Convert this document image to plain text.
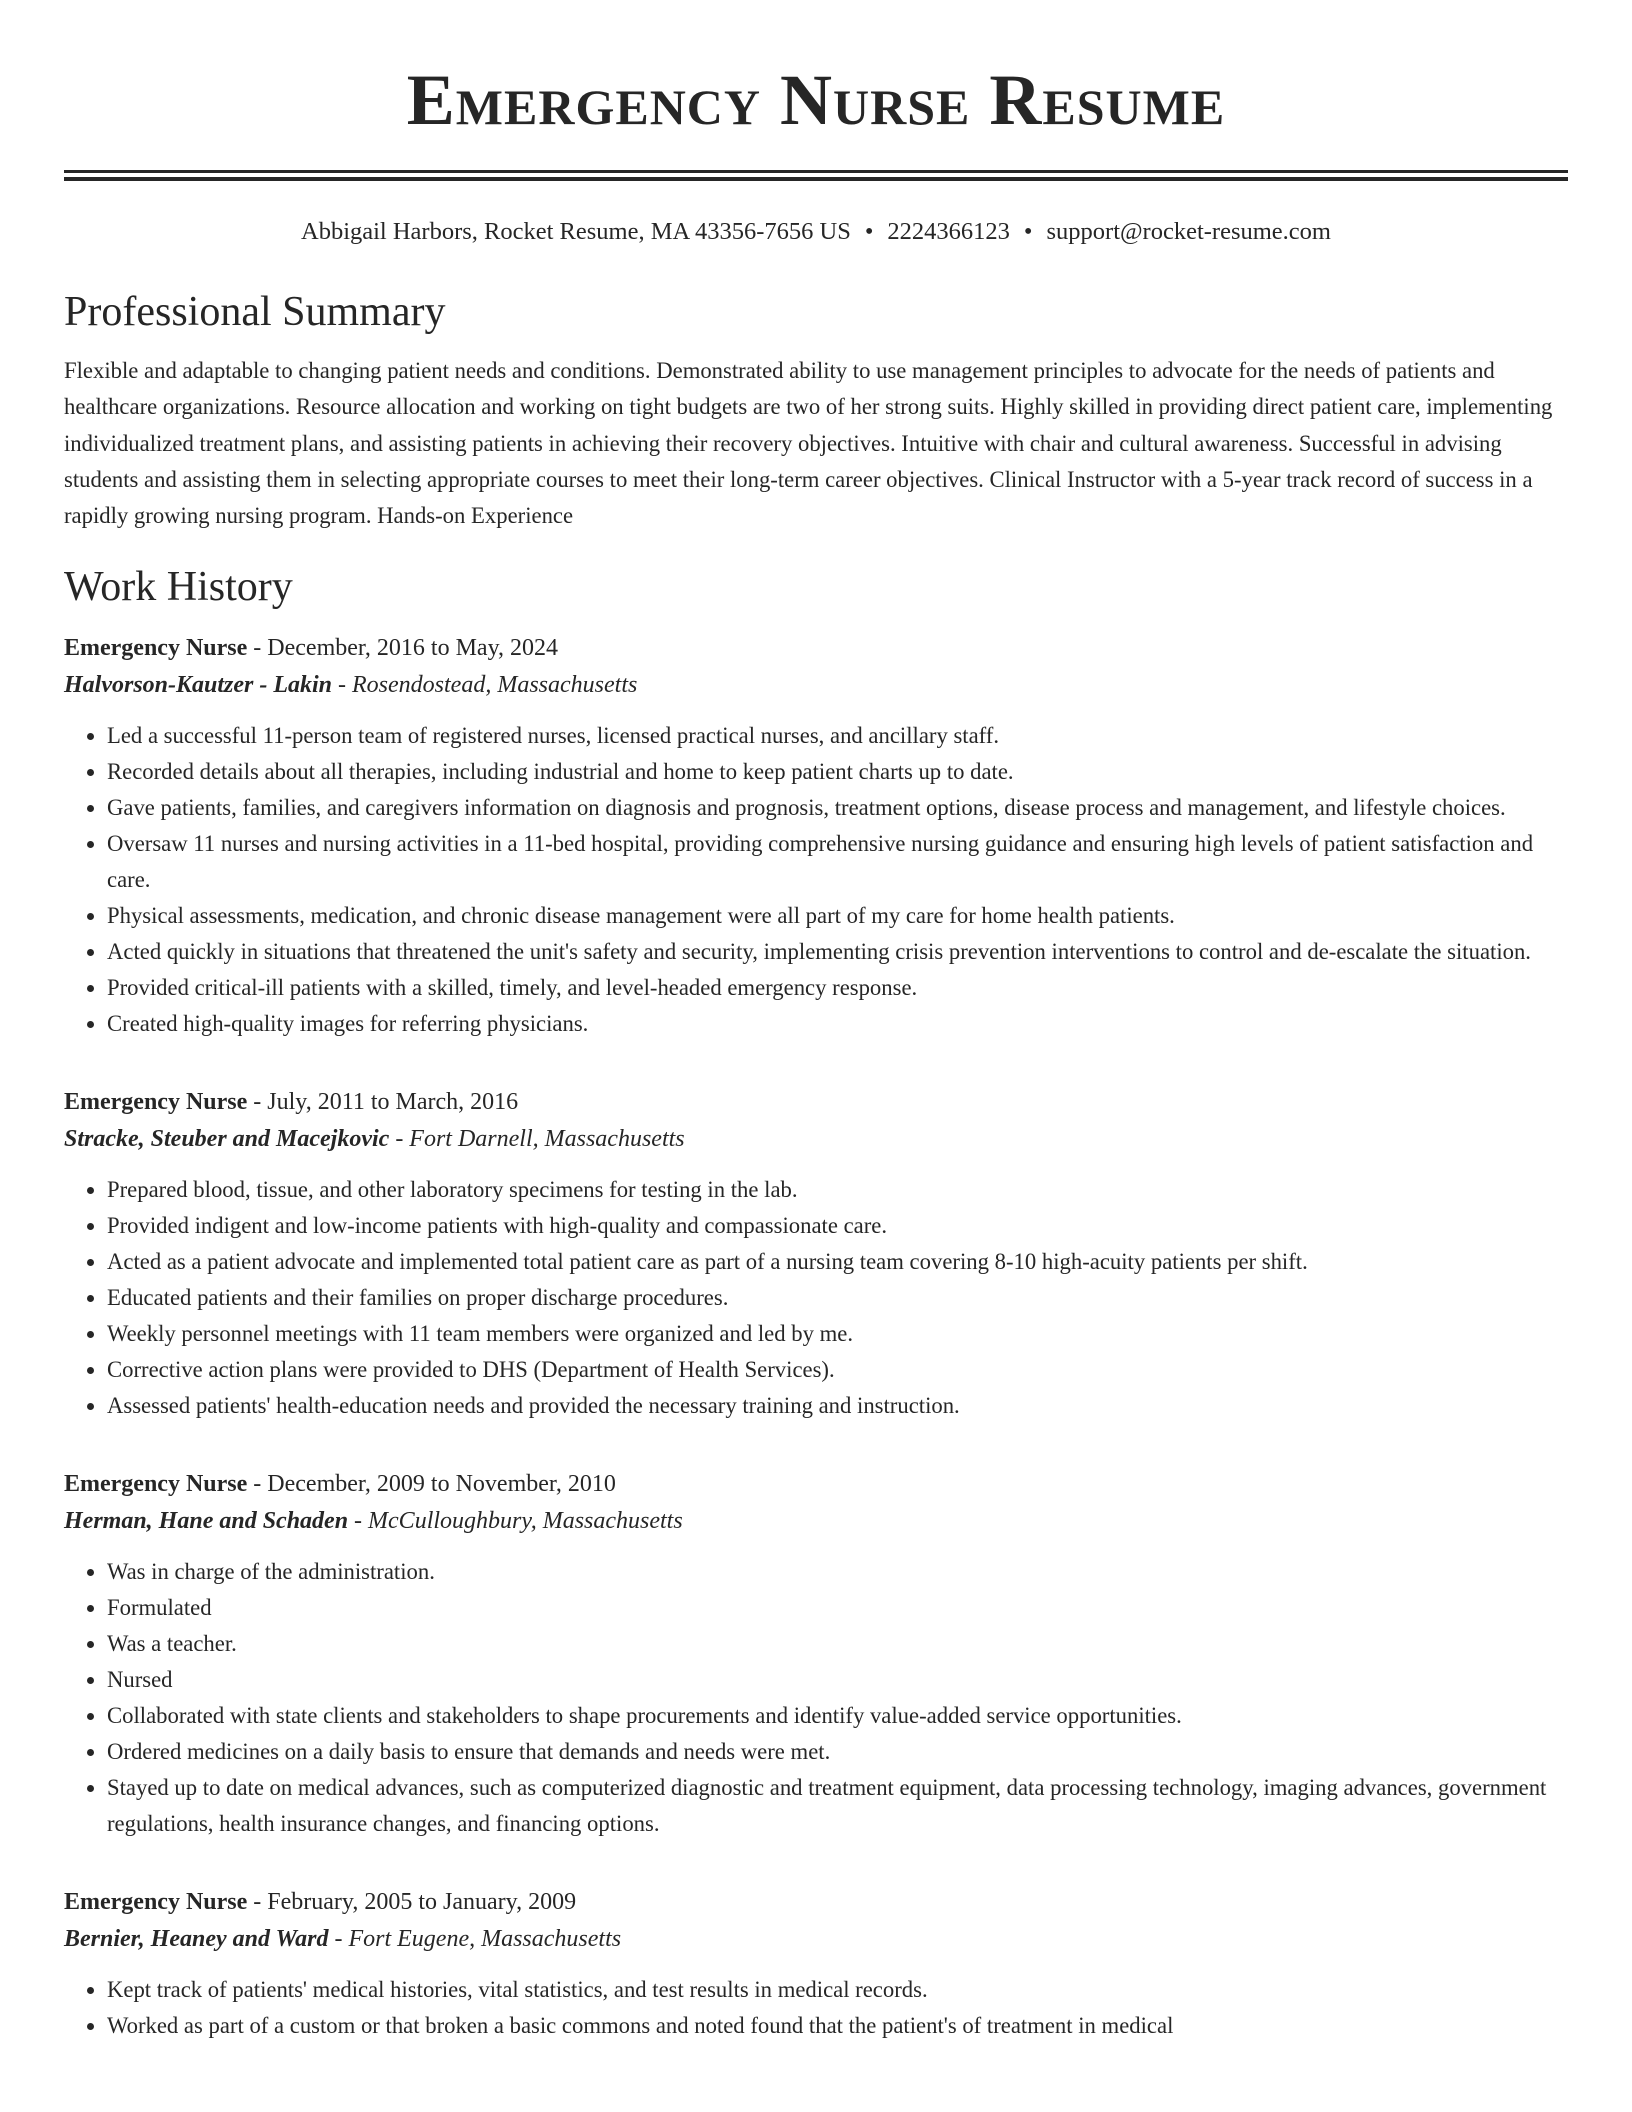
Emergency Nurse Resume
Abbigail Harbors, Rocket Resume, MA 43356-7656 US • 2224366123 • support@rocket-resume.com
Professional Summary
Flexible and adaptable to changing patient needs and conditions. Demonstrated ability to use management principles to advocate for the needs of patients and healthcare organizations. Resource allocation and working on tight budgets are two of her strong suits. Highly skilled in providing direct patient care, implementing individualized treatment plans, and assisting patients in achieving their recovery objectives. Intuitive with chair and cultural awareness. Successful in advising students and assisting them in selecting appropriate courses to meet their long-term career objectives. Clinical Instructor with a 5-year track record of success in a rapidly growing nursing program. Hands-on Experience
Work History
Emergency Nurse - December, 2016 to May, 2024
Halvorson-Kautzer - Lakin - Rosendostead, Massachusetts
• Led a successful 11-person team of registered nurses, licensed practical nurses, and ancillary staff.
• Recorded details about all therapies, including industrial and home to keep patient charts up to date.
• Gave patients, families, and caregivers information on diagnosis and prognosis, treatment options, disease process and management, and lifestyle choices.
• Oversaw 11 nurses and nursing activities in a 11-bed hospital, providing comprehensive nursing guidance and ensuring high levels of patient satisfaction and care.
• Physical assessments, medication, and chronic disease management were all part of my care for home health patients.
• Acted quickly in situations that threatened the unit's safety and security, implementing crisis prevention interventions to control and de-escalate the situation.
• Provided critical-ill patients with a skilled, timely, and level-headed emergency response.
• Created high-quality images for referring physicians.
Emergency Nurse - July, 2011 to March, 2016
Stracke, Steuber and Macejkovic - Fort Darnell, Massachusetts
• Prepared blood, tissue, and other laboratory specimens for testing in the lab.
• Provided indigent and low-income patients with high-quality and compassionate care.
• Acted as a patient advocate and implemented total patient care as part of a nursing team covering 8-10 high-acuity patients per shift.
• Educated patients and their families on proper discharge procedures.
• Weekly personnel meetings with 11 team members were organized and led by me.
• Corrective action plans were provided to DHS (Department of Health Services).
• Assessed patients' health-education needs and provided the necessary training and instruction.
Emergency Nurse - December, 2009 to November, 2010
Herman, Hane and Schaden - McCulloughbury, Massachusetts
• Was in charge of the administration.
• Formulated
• Was a teacher.
• Nursed
• Collaborated with state clients and stakeholders to shape procurements and identify value-added service opportunities.
• Ordered medicines on a daily basis to ensure that demands and needs were met.
• Stayed up to date on medical advances, such as computerized diagnostic and treatment equipment, data processing technology, imaging advances, government regulations, health insurance changes, and financing options.
Emergency Nurse - February, 2005 to January, 2009
Bernier, Heaney and Ward - Fort Eugene, Massachusetts
• Kept track of patients' medical histories, vital statistics, and test results in medical records.
• Worked as part of a custom or that broken a basic commons and noted found that the patient's of treatment in medical
